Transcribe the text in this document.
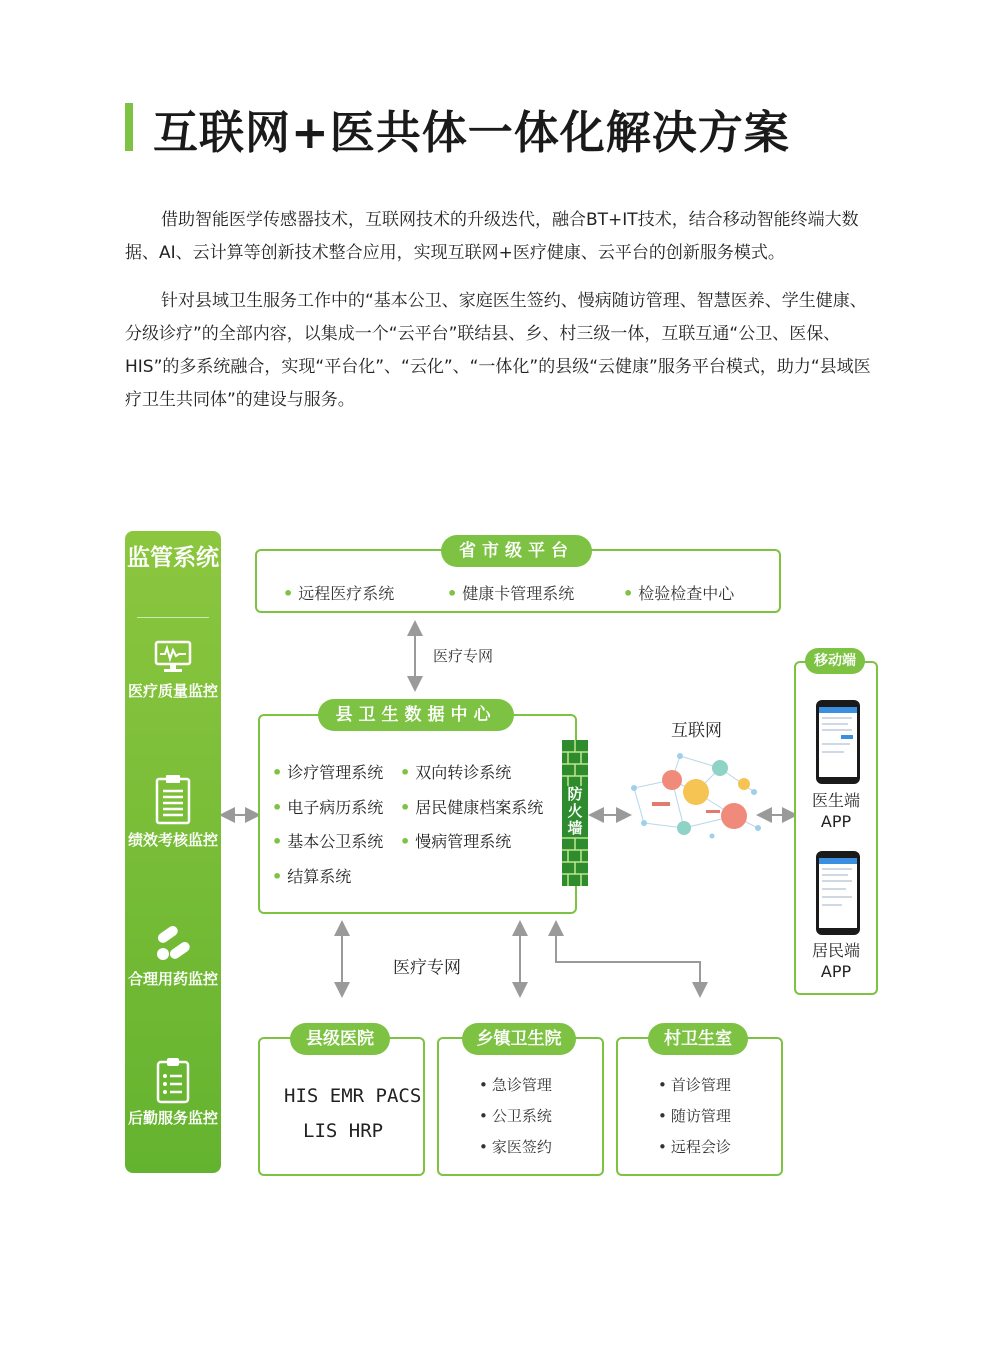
互联网+医共体一体化解决方案
借助智能医学传感器技术，互联网技术的升级迭代，融合BT+IT技术，结合移动智能终端大数据、AI、云计算等创新技术整合应用，实现互联网+医疗健康、云平台的创新服务模式。
针对县域卫生服务工作中的“基本公卫、家庭医生签约、慢病随访管理、智慧医养、学生健康、分级诊疗”的全部内容，以集成一个“云平台”联结县、乡、村三级一体，互联互通“公卫、医保、HIS”的多系统融合，实现“平台化”、“云化”、“一体化”的县级“云健康”服务平台模式，助力“县域医疗卫生共同体”的建设与服务。
监管系统
医疗质量监控
绩效考核监控
合理用药监控
后勤服务监控
• 远程医疗系统	• 健康卡管理系统	• 检验检查中心
省市级平台
医疗专网
• 诊疗管理系统 • 双向转诊系统
• 电子病历系统 • 居民健康档案系统
• 基本公卫系统 • 慢病管理系统
• 结算系统
县卫生数据中心
防火墙
互联网
移动端
医生端
APP
居民端
APP
医疗专网
HIS EMR PACS
LIS HRP
县级医院
• 急诊管理
• 公卫系统
• 家医签约
乡镇卫生院
• 首诊管理
• 随访管理
• 远程会诊
村卫生室
